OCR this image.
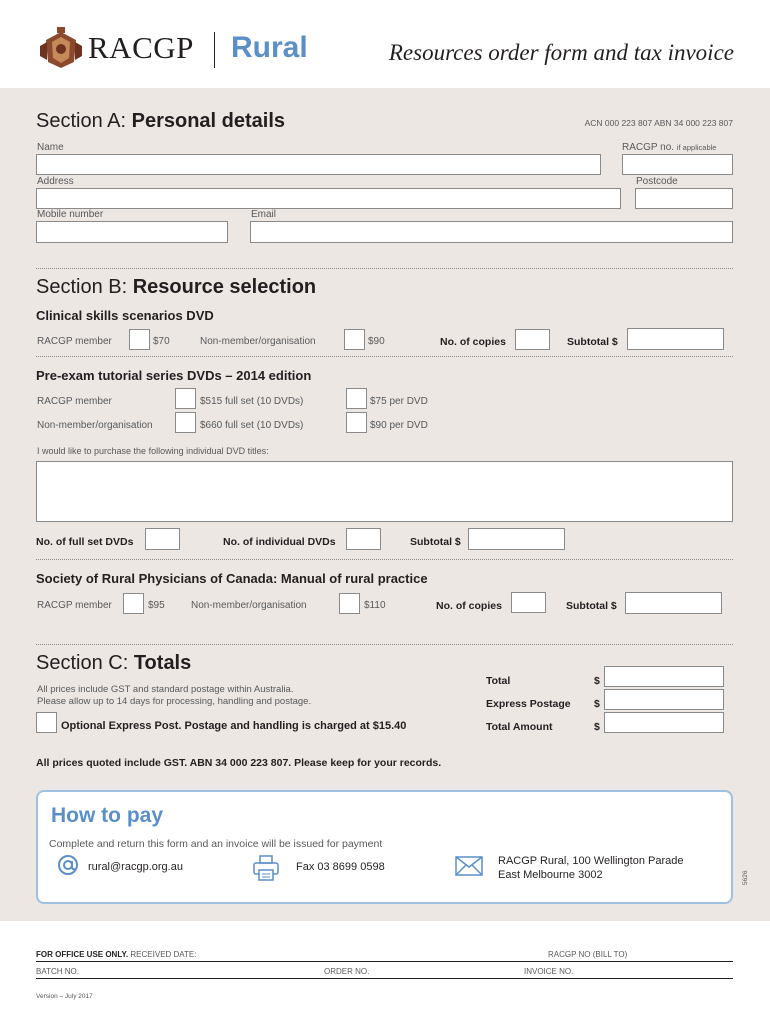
RACGP Rural	Resources order form and tax invoice
Section A: Personal details	ACN 000 223 807 ABN 34 000 223 807
Name	RACGP no. if applicable
Address	Postcode
Mobile number	Email
Section B: Resource selection
Clinical skills scenarios DVD
RACGP member	$70	Non-member/organisation	$90	No. of copies	Subtotal $
Pre-exam tutorial series DVDs – 2014 edition
RACGP member	$515 full set (10 DVDs)	$75 per DVD
Non-member/organisation	$660 full set (10 DVDs)	$90 per DVD
I would like to purchase the following individual DVD titles:
No. of full set DVDs	No. of individual DVDs	Subtotal $
Society of Rural Physicians of Canada: Manual of rural practice
RACGP member	$95	Non-member/organisation	$110	No. of copies	Subtotal $
Section C: Totals
All prices include GST and standard postage within Australia.
Please allow up to 14 days for processing, handling and postage.
Optional Express Post. Postage and handling is charged at $15.40
Total	$
Express Postage $
Total Amount	$
All prices quoted include GST. ABN 34 000 223 807. Please keep for your records.
How to pay
Complete and return this form and an invoice will be issued for payment
rural@racgp.org.au	Fax 03 8699 0598	RACGP Rural, 100 Wellington Parade
East Melbourne 3002	5626
FOR OFFICE USE ONLY. RECEIVED DATE:	RACGP NO (BILL TO)
BATCH NO.	ORDER NO.	INVOICE NO.
Version – July 2017
